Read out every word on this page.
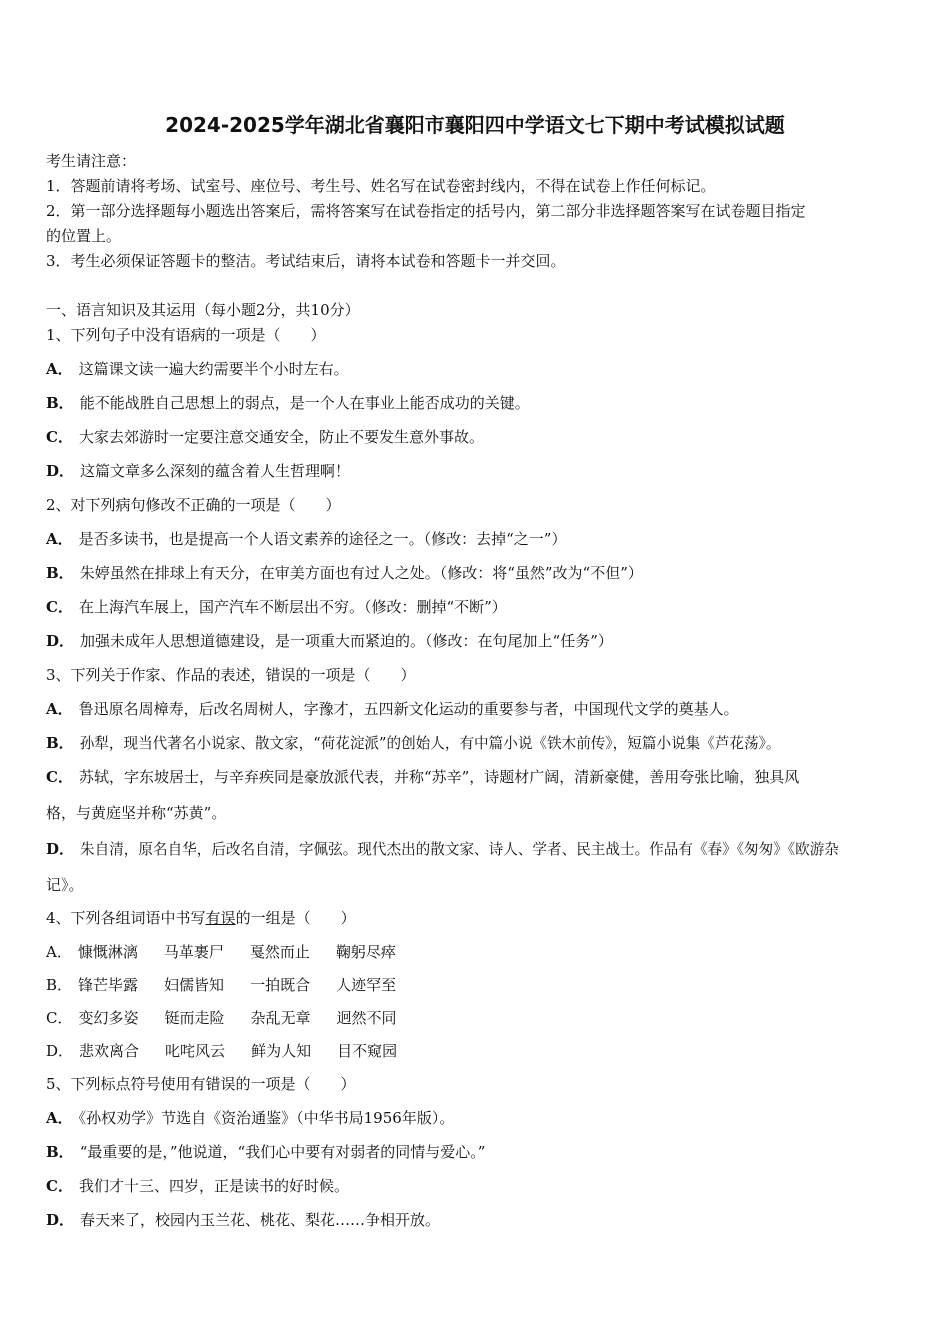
2024-2025学年湖北省襄阳市襄阳四中学语文七下期中考试模拟试题
考生请注意：
1．答题前请将考场、试室号、座位号、考生号、姓名写在试卷密封线内，不得在试卷上作任何标记。
2．第一部分选择题每小题选出答案后，需将答案写在试卷指定的括号内，第二部分非选择题答案写在试卷题目指定
的位置上。
3．考生必须保证答题卡的整洁。考试结束后，请将本试卷和答题卡一并交回。
一、语言知识及其运用（每小题2分，共10分）
1、下列句子中没有语病的一项是（　　）
A． 这篇课文读一遍大约需要半个小时左右。
B． 能不能战胜自己思想上的弱点，是一个人在事业上能否成功的关键。
C． 大家去郊游时一定要注意交通安全，防止不要发生意外事故。
D． 这篇文章多么深刻的蕴含着人生哲理啊！
2、对下列病句修改不正确的一项是（　　）
A． 是否多读书，也是提高一个人语文素养的途径之一。（修改：去掉“之一”）
B． 朱婷虽然在排球上有天分，在审美方面也有过人之处。（修改：将“虽然”改为“不但”）
C． 在上海汽车展上，国产汽车不断层出不穷。（修改：删掉“不断”）
D． 加强未成年人思想道德建设，是一项重大而紧迫的。（修改：在句尾加上“任务”）
3、下列关于作家、作品的表述，错误的一项是（　　）
A． 鲁迅原名周樟寿，后改名周树人，字豫才，五四新文化运动的重要参与者，中国现代文学的奠基人。
B． 孙犁，现当代著名小说家、散文家，“荷花淀派”的创始人，有中篇小说《铁木前传》，短篇小说集《芦花荡》。
C． 苏轼，字东坡居士，与辛弃疾同是豪放派代表，并称“苏辛”，诗题材广阔，清新豪健，善用夸张比喻，独具风
格，与黄庭坚并称“苏黄”。
D． 朱自清，原名自华，后改名自清，字佩弦。现代杰出的散文家、诗人、学者、民主战士。作品有《春》《匆匆》《欧游杂
记》。
4、下列各组词语中书写有误的一组是（　　）
A． 慷慨淋漓 马革裹尸 戛然而止 鞠躬尽瘁
B． 锋芒毕露 妇儒皆知 一拍既合 人迹罕至
C． 变幻多姿 铤而走险 杂乱无章 迥然不同
D． 悲欢离合 叱咤风云 鲜为人知 目不窥园
5、下列标点符号使用有错误的一项是（　　）
A． 《孙权劝学》节选自《资治通鉴》（中华书局1956年版）。
B． “最重要的是，”他说道，“我们心中要有对弱者的同情与爱心。”
C． 我们才十三、四岁，正是读书的好时候。
D． 春天来了，校园内玉兰花、桃花、梨花……争相开放。
